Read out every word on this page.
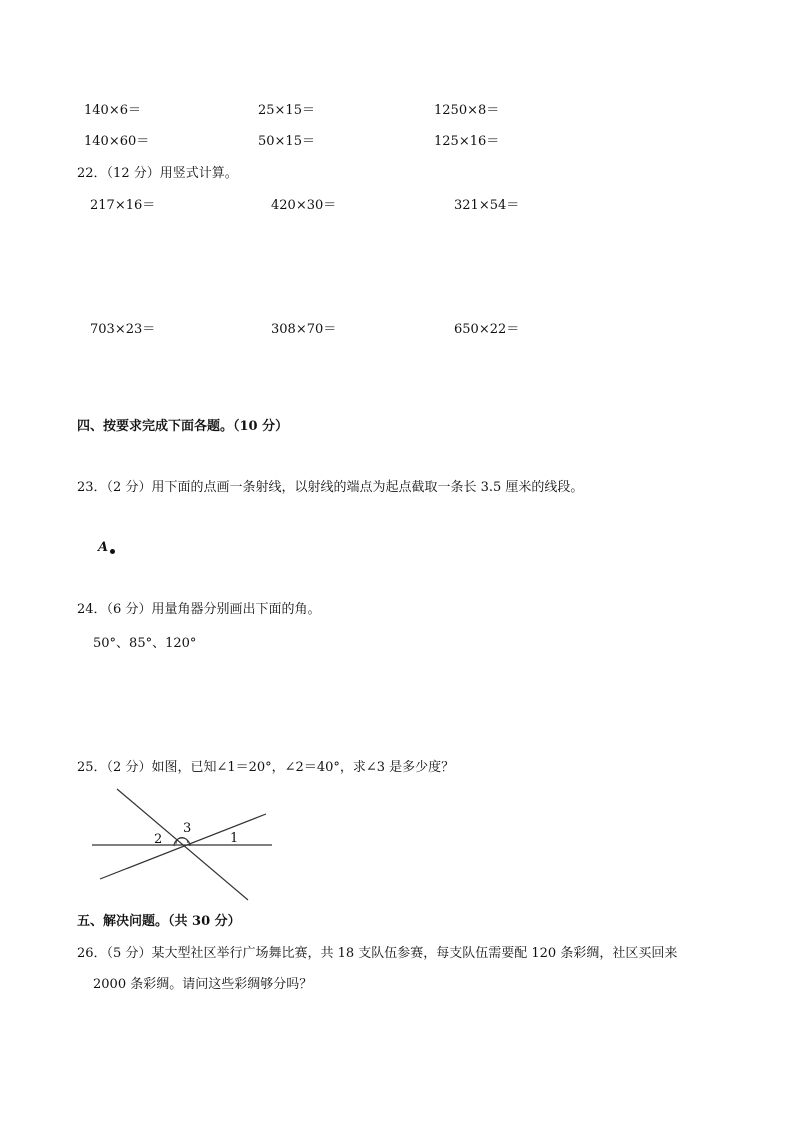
140×6＝	25×15＝	1250×8＝
140×60＝	50×15＝	125×16＝
22．（12 分）用竖式计算。
217×16＝	420×30＝	321×54＝
703×23＝	308×70＝	650×22＝
四、按要求完成下面各题。（10 分）
23．（2 分）用下面的点画一条射线，以射线的端点为起点截取一条长 3.5 厘米的线段。
A
24．（6 分）用量角器分别画出下面的角。
50°、85°、120°
25．（2 分）如图，已知∠1＝20°，∠2＝40°，求∠3 是多少度？
2
3
1
五、解决问题。（共 30 分）
26．（5 分）某大型社区举行广场舞比赛，共 18 支队伍参赛，每支队伍需要配 120 条彩绸，社区买回来
2000 条彩绸。请问这些彩绸够分吗？
